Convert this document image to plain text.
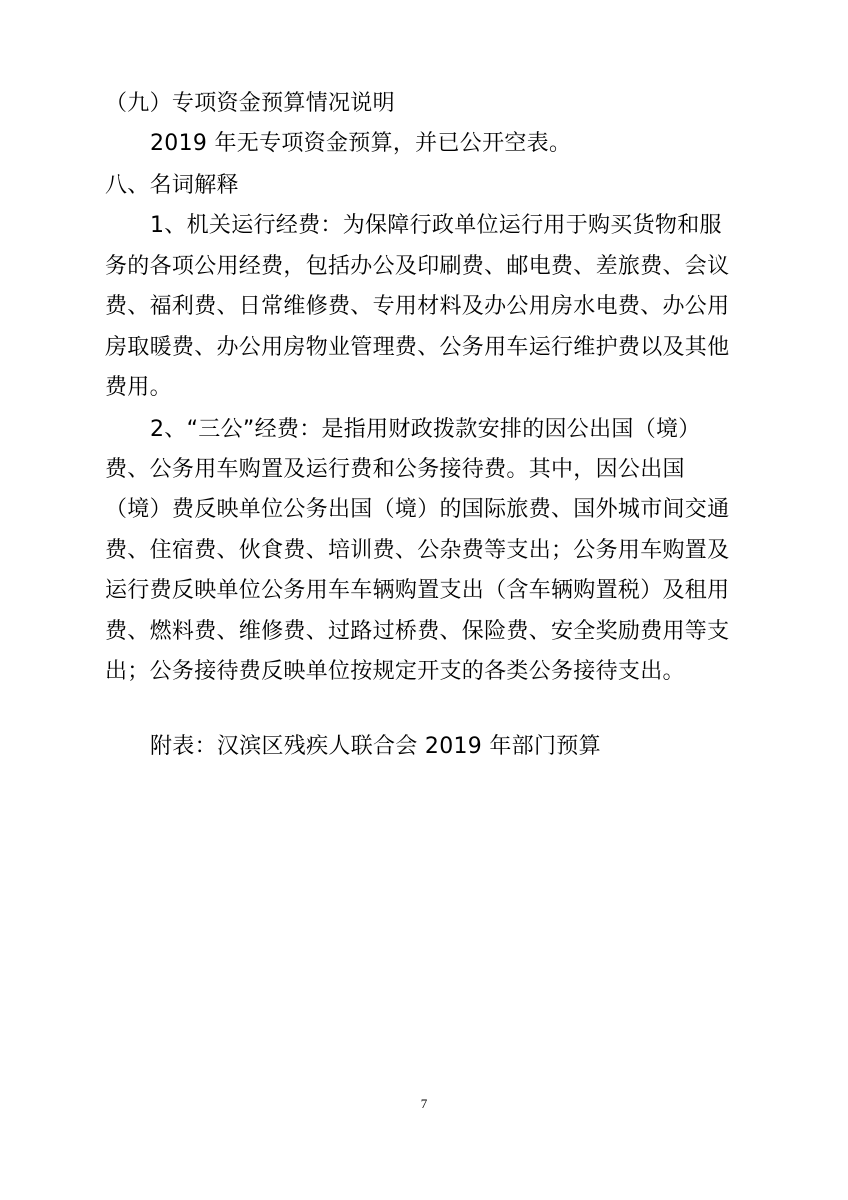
（九）专项资金预算情况说明
2019 年无专项资金预算，并已公开空表。
八、名词解释
1、机关运行经费：为保障行政单位运行用于购买货物和服
务的各项公用经费，包括办公及印刷费、邮电费、差旅费、会议
费、福利费、日常维修费、专用材料及办公用房水电费、办公用
房取暖费、办公用房物业管理费、公务用车运行维护费以及其他
费用。
2、“三公”经费：是指用财政拨款安排的因公出国（境）
费、公务用车购置及运行费和公务接待费。其中，因公出国
（境）费反映单位公务出国（境）的国际旅费、国外城市间交通
费、住宿费、伙食费、培训费、公杂费等支出；公务用车购置及
运行费反映单位公务用车车辆购置支出（含车辆购置税）及租用
费、燃料费、维修费、过路过桥费、保险费、安全奖励费用等支
出；公务接待费反映单位按规定开支的各类公务接待支出。
附表：汉滨区残疾人联合会 2019 年部门预算
7
